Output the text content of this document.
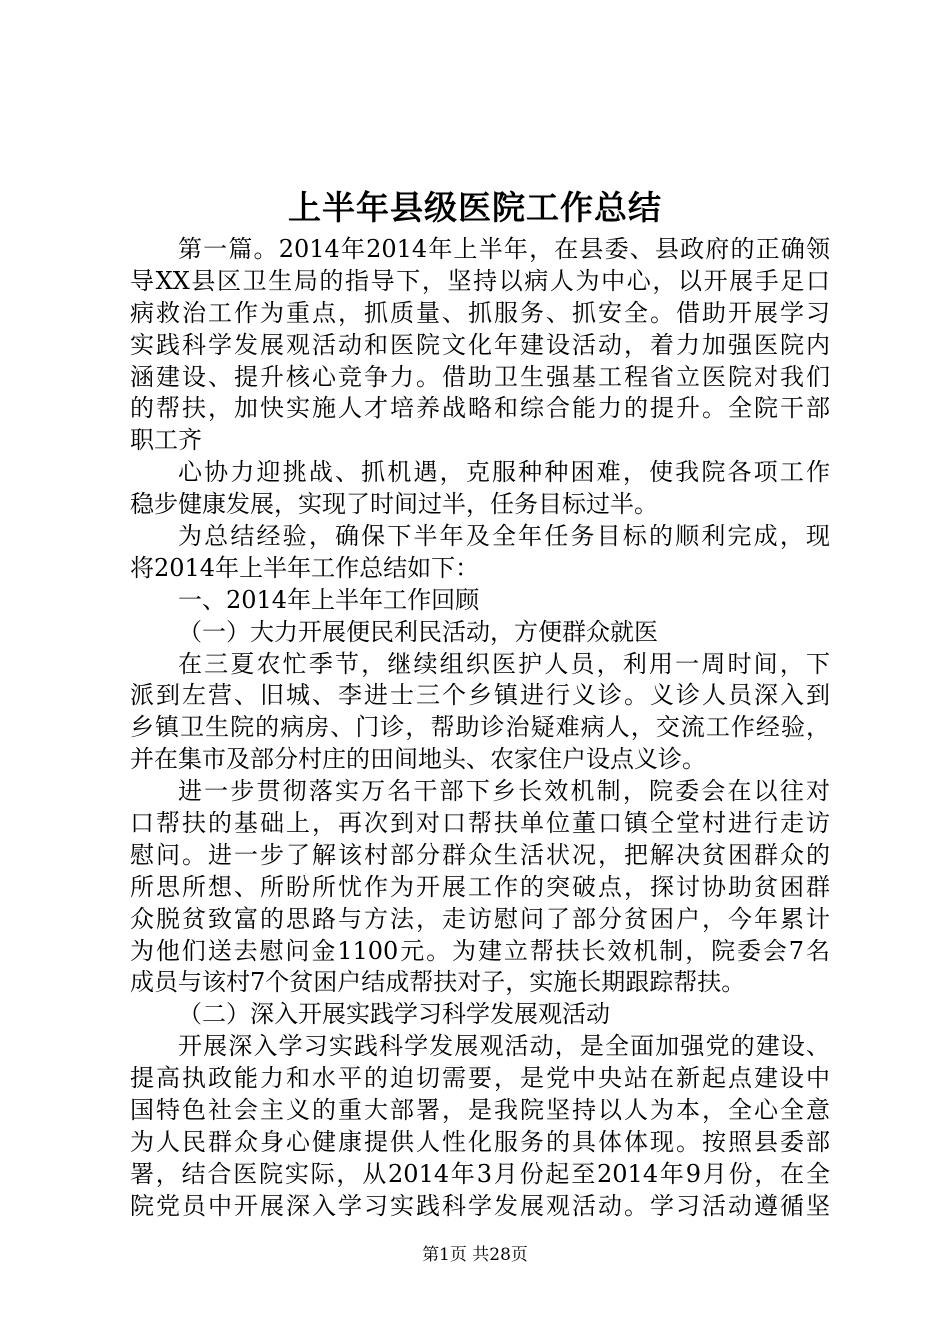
上半年县级医院工作总结

第一篇。2014年2014年上半年，在县委、县政府的正确领

导XX县区卫生局的指导下，坚持以病人为中心，以开展手足口

病救治工作为重点，抓质量、抓服务、抓安全。借助开展学习

实践科学发展观活动和医院文化年建设活动，着力加强医院内

涵建设、提升核心竞争力。借助卫生强基工程省立医院对我们

的帮扶，加快实施人才培养战略和综合能力的提升。全院干部

职工齐

心协力迎挑战、抓机遇，克服种种困难，使我院各项工作

稳步健康发展，实现了时间过半，任务目标过半。

为总结经验，确保下半年及全年任务目标的顺利完成，现

将2014年上半年工作总结如下：

一、2014年上半年工作回顾

（一）大力开展便民利民活动，方便群众就医

在三夏农忙季节，继续组织医护人员，利用一周时间，下

派到左营、旧城、李进士三个乡镇进行义诊。义诊人员深入到

乡镇卫生院的病房、门诊，帮助诊治疑难病人，交流工作经验，

并在集市及部分村庄的田间地头、农家住户设点义诊。

进一步贯彻落实万名干部下乡长效机制，院委会在以往对

口帮扶的基础上，再次到对口帮扶单位董口镇仝堂村进行走访

慰问。进一步了解该村部分群众生活状况，把解决贫困群众的

所思所想、所盼所忧作为开展工作的突破点，探讨协助贫困群

众脱贫致富的思路与方法，走访慰问了部分贫困户，今年累计

为他们送去慰问金1100元。为建立帮扶长效机制，院委会7名

成员与该村7个贫困户结成帮扶对子，实施长期跟踪帮扶。

（二）深入开展实践学习科学发展观活动

开展深入学习实践科学发展观活动，是全面加强党的建设、

提高执政能力和水平的迫切需要，是党中央站在新起点建设中

国特色社会主义的重大部署，是我院坚持以人为本，全心全意

为人民群众身心健康提供人性化服务的具体体现。按照县委部

署，结合医院实际，从2014年3月份起至2014年9月份，在全

院党员中开展深入学习实践科学发展观活动。学习活动遵循坚

第1页 共28页
